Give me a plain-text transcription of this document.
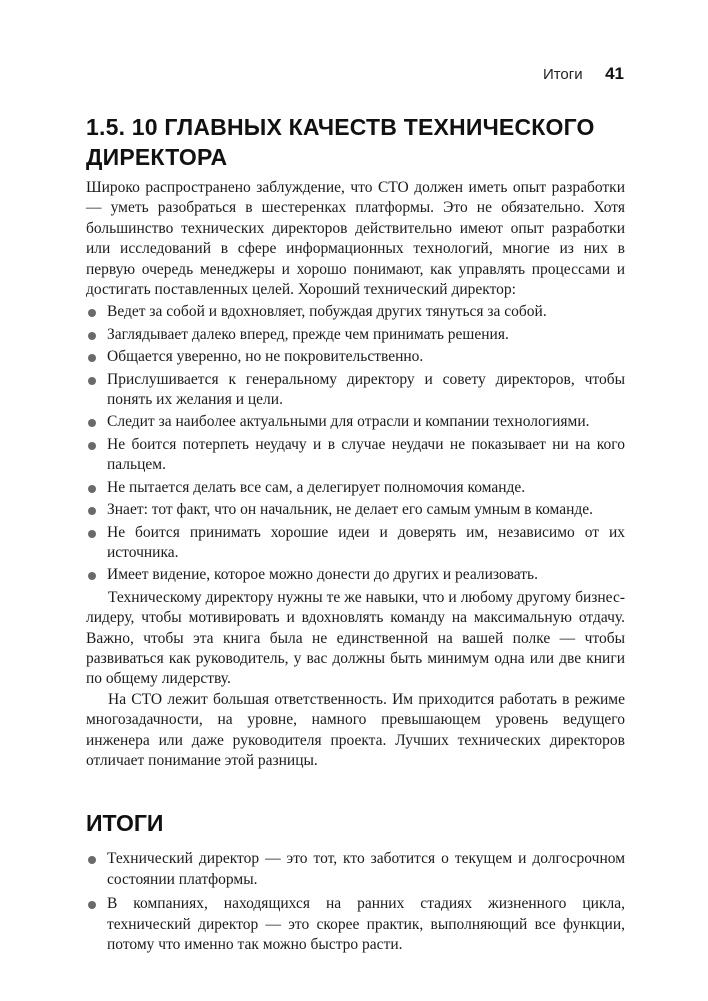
Итоги 41
1.5. 10 ГЛАВНЫХ КАЧЕСТВ ТЕХНИЧЕСКОГО ДИРЕКТОРА

Широко распространено заблуждение, что СТО должен иметь опыт разработки — уметь разобраться в шестеренках платформы. Это не обязательно. Хотя большинство технических директоров действительно имеют опыт разработки или исследований в сфере информационных технологий, многие из них в первую очередь менеджеры и хорошо понимают, как управлять процессами и достигать поставленных целей. Хороший технический директор:

Ведет за собой и вдохновляет, побуждая других тянуться за собой.
Заглядывает далеко вперед, прежде чем принимать решения.
Общается уверенно, но не покровительственно.
Прислушивается к генеральному директору и совету директоров, чтобы понять их желания и цели.
Следит за наиболее актуальными для отрасли и компании технологиями.
Не боится потерпеть неудачу и в случае неудачи не показывает ни на кого пальцем.
Не пытается делать все сам, а делегирует полномочия команде.
Знает: тот факт, что он начальник, не делает его самым умным в команде.
Не боится принимать хорошие идеи и доверять им, независимо от их источника.
Имеет видение, которое можно донести до других и реализовать.

Техническому директору нужны те же навыки, что и любому другому бизнес-лидеру, чтобы мотивировать и вдохновлять команду на максимальную отдачу. Важно, чтобы эта книга была не единственной на вашей полке — чтобы развиваться как руководитель, у вас должны быть минимум одна или две книги по общему лидерству.

На СТО лежит большая ответственность. Им приходится работать в режиме многозадачности, на уровне, намного превышающем уровень ведущего инженера или даже руководителя проекта. Лучших технических директоров отличает понимание этой разницы.

ИТОГИ
Технический директор — это тот, кто заботится о текущем и долгосрочном состоянии платформы.
В компаниях, находящихся на ранних стадиях жизненного цикла, технический директор — это скорее практик, выполняющий все функции, потому что именно так можно быстро расти.
